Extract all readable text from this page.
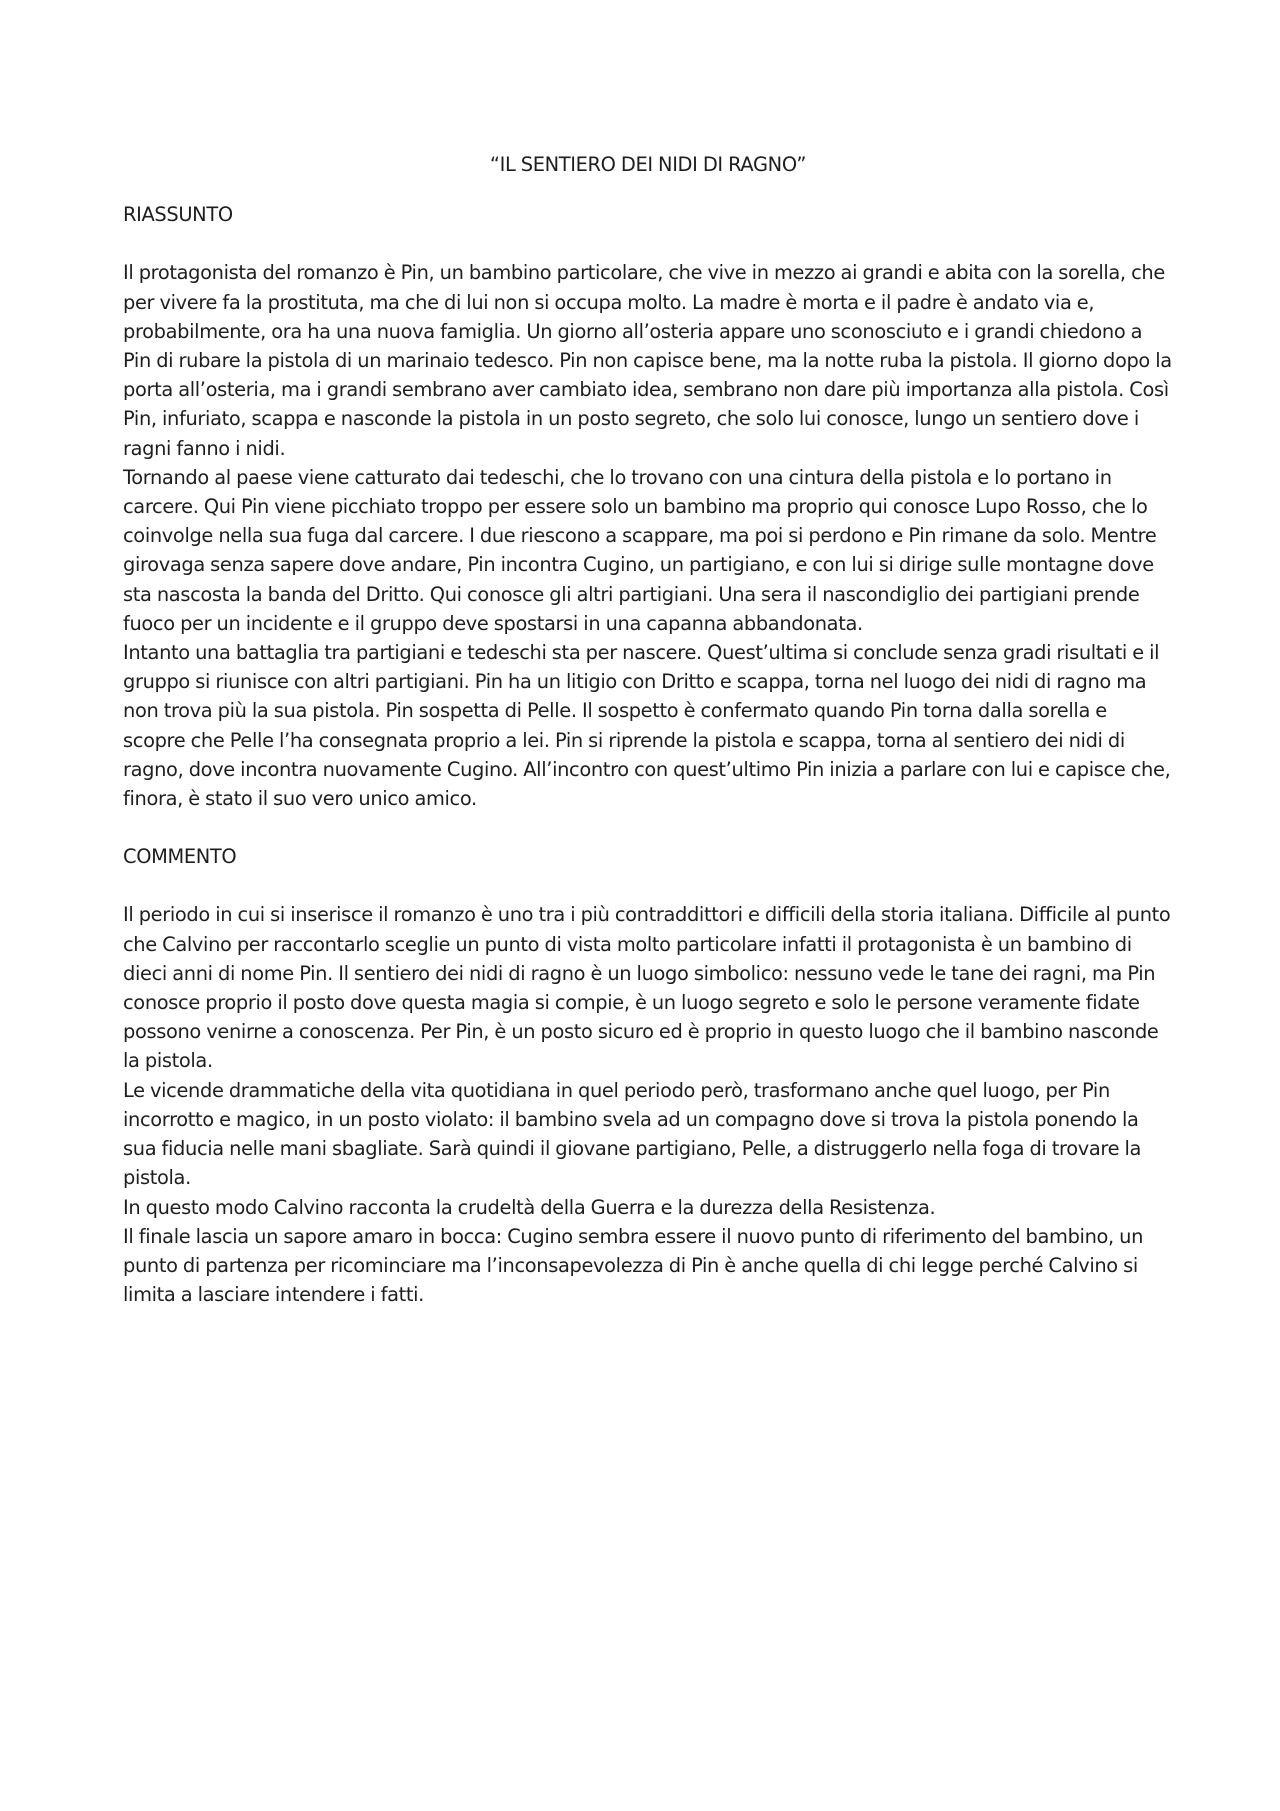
“IL SENTIERO DEI NIDI DI RAGNO”
RIASSUNTO

Il protagonista del romanzo è Pin, un bambino particolare, che vive in mezzo ai grandi e abita con la sorella, che per vivere fa la prostituta, ma che di lui non si occupa molto. La madre è morta e il padre è andato via e, probabilmente, ora ha una nuova famiglia. Un giorno all’osteria appare uno sconosciuto e i grandi chiedono a Pin di rubare la pistola di un marinaio tedesco. Pin non capisce bene, ma la notte ruba la pistola. Il giorno dopo la porta all’osteria, ma i grandi sembrano aver cambiato idea, sembrano non dare più importanza alla pistola. Così Pin, infuriato, scappa e nasconde la pistola in un posto segreto, che solo lui conosce, lungo un sentiero dove i ragni fanno i nidi.

Tornando al paese viene catturato dai tedeschi, che lo trovano con una cintura della pistola e lo portano in carcere. Qui Pin viene picchiato troppo per essere solo un bambino ma proprio qui conosce Lupo Rosso, che lo coinvolge nella sua fuga dal carcere. I due riescono a scappare, ma poi si perdono e Pin rimane da solo. Mentre girovaga senza sapere dove andare, Pin incontra Cugino, un partigiano, e con lui si dirige sulle montagne dove sta nascosta la banda del Dritto. Qui conosce gli altri partigiani. Una sera il nascondiglio dei partigiani prende fuoco per un incidente e il gruppo deve spostarsi in una capanna abbandonata.

Intanto una battaglia tra partigiani e tedeschi sta per nascere. Quest’ultima si conclude senza gradi risultati e il gruppo si riunisce con altri partigiani. Pin ha un litigio con Dritto e scappa, torna nel luogo dei nidi di ragno ma non trova più la sua pistola. Pin sospetta di Pelle. Il sospetto è confermato quando Pin torna dalla sorella e scopre che Pelle l’ha consegnata proprio a lei. Pin si riprende la pistola e scappa, torna al sentiero dei nidi di ragno, dove incontra nuovamente Cugino. All’incontro con quest’ultimo Pin inizia a parlare con lui e capisce che, finora, è stato il suo vero unico amico.

COMMENTO

Il periodo in cui si inserisce il romanzo è uno tra i più contraddittori e difficili della storia italiana. Difficile al punto che Calvino per raccontarlo sceglie un punto di vista molto particolare infatti il protagonista è un bambino di dieci anni di nome Pin. Il sentiero dei nidi di ragno è un luogo simbolico: nessuno vede le tane dei ragni, ma Pin conosce proprio il posto dove questa magia si compie, è un luogo segreto e solo le persone veramente fidate possono venirne a conoscenza. Per Pin, è un posto sicuro ed è proprio in questo luogo che il bambino nasconde la pistola.

Le vicende drammatiche della vita quotidiana in quel periodo però, trasformano anche quel luogo, per Pin incorrotto e magico, in un posto violato: il bambino svela ad un compagno dove si trova la pistola ponendo la sua fiducia nelle mani sbagliate. Sarà quindi il giovane partigiano, Pelle, a distruggerlo nella foga di trovare la pistola.

In questo modo Calvino racconta la crudeltà della Guerra e la durezza della Resistenza.

Il finale lascia un sapore amaro in bocca: Cugino sembra essere il nuovo punto di riferimento del bambino, un punto di partenza per ricominciare ma l’inconsapevolezza di Pin è anche quella di chi legge perché Calvino si limita a lasciare intendere i fatti.
